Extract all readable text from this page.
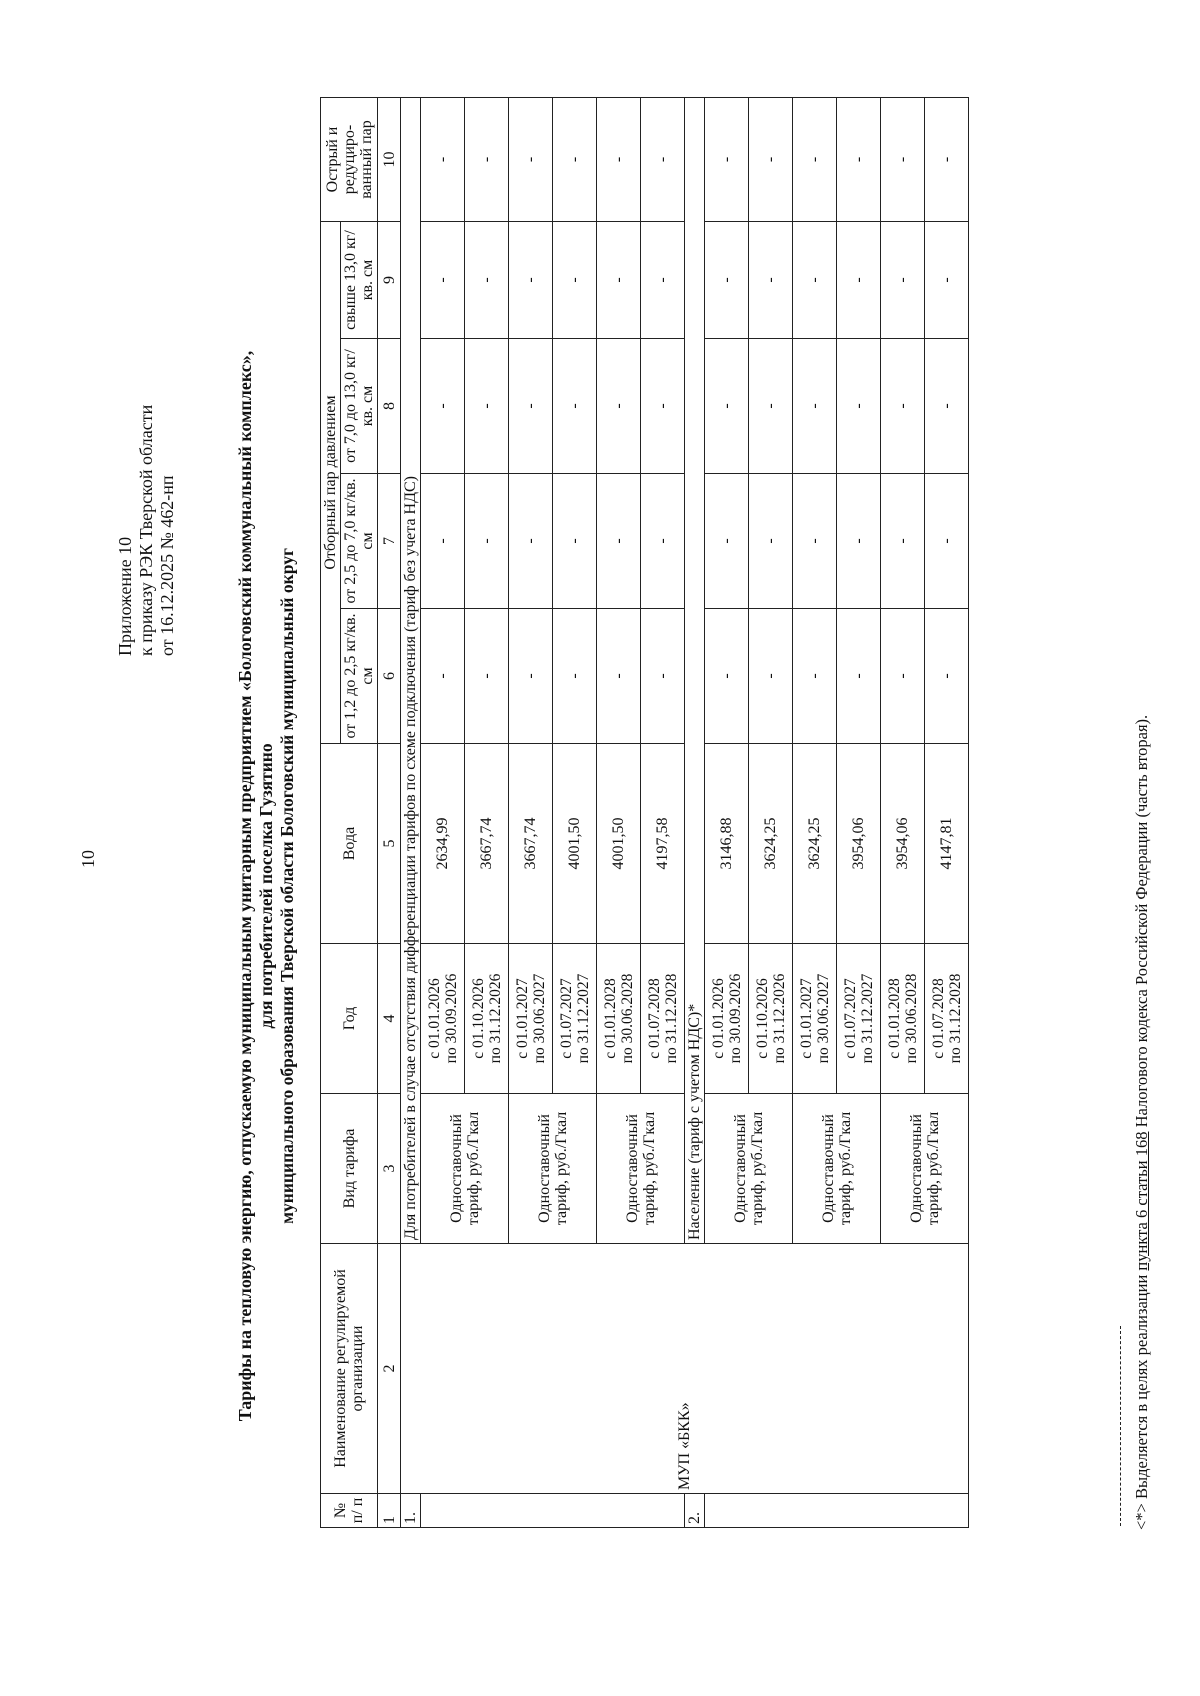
10
Приложение 10 к приказу РЭК Тверской области от 16.12.2025 № 462-нп	Тарифы на тепловую энергию, отпускаемую муниципальным унитарным предприятием «Бологовский коммунальный комплекс», для потребителей поселка Гузятино муниципального образования Тверской области Бологовский муниципальный округ
№ п/ п	Наименование регулируемой организации	Вид тарифа	Год	Вода	Отборный пар давлением				Острый и редуциро-ванный пар
					от 1,2 до 2,5 кг/кв. см	от 2,5 до 7,0 кг/кв. см	от 7,0 до 13,0 кг/кв. см	свыше 13,0 кг/кв. см	
1	2	3	4	5	6	7	8	9	10
1.	МУП «БКК»	Для потребителей в случае отсутствия дифференциации тарифов по схеме подключения (тариф без учета НДС)							
		Одноставочный тариф, руб./Гкал	с 01.01.2026 по 30.09.2026	2634,99	-	-	-	-	-

			с 01.10.2026 по 31.12.2026	3667,74	-	-	-	-	-
		Одноставочный тариф, руб./Гкал	с 01.01.2027 по 30.06.2027	3667,74	-	-	-	-	-

			с 01.07.2027 по 31.12.2027	4001,50	-	-	-	-	-
		Одноставочный тариф, руб./Гкал	с 01.01.2028 по 30.06.2028	4001,50	-	-	-	-	-

			с 01.07.2028 по 31.12.2028	4197,58	-	-	-	-	-
2.		Население (тариф с учетом НДС)*							
		Одноставочный тариф, руб./Гкал	с 01.01.2026 по 30.09.2026	3146,88	-	-	-	-	-

			с 01.10.2026 по 31.12.2026	3624,25	-	-	-	-	-
		Одноставочный тариф, руб./Гкал	с 01.01.2027 по 30.06.2027	3624,25	-	-	-	-	-

			с 01.07.2027 по 31.12.2027	3954,06	-	-	-	-	-
		Одноставочный тариф, руб./Гкал	с 01.01.2028 по 30.06.2028	3954,06	-	-	-	-	-

			с 01.07.2028 по 31.12.2028	4147,81	-	-	-	-	-
<*> Выделяется в целях реализации пункта 6 статьи 168 Налогового кодекса Российской Федерации (часть вторая).
